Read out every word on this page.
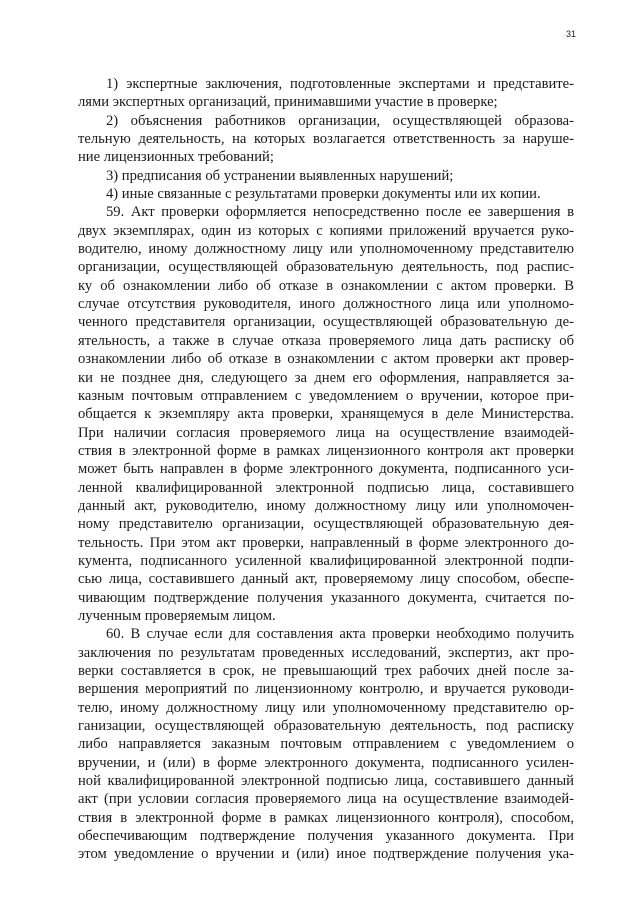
31
1) экспертные заключения, подготовленные экспертами и представите-
лями экспертных организаций, принимавшими участие в проверке;
2) объяснения работников организации, осуществляющей образова-
тельную деятельность, на которых возлагается ответственность за наруше-
ние лицензионных требований;
3) предписания об устранении выявленных нарушений;
4) иные связанные с результатами проверки документы или их копии.
59. Акт проверки оформляется непосредственно после ее завершения в
двух экземплярах, один из которых с копиями приложений вручается руко-
водителю, иному должностному лицу или уполномоченному представителю
организации, осуществляющей образовательную деятельность, под распис-
ку об ознакомлении либо об отказе в ознакомлении с актом проверки. В
случае отсутствия руководителя, иного должностного лица или уполномо-
ченного представителя организации, осуществляющей образовательную де-
ятельность, а также в случае отказа проверяемого лица дать расписку об
ознакомлении либо об отказе в ознакомлении с актом проверки акт провер-
ки не позднее дня, следующего за днем его оформления, направляется за-
казным почтовым отправлением с уведомлением о вручении, которое при-
общается к экземпляру акта проверки, хранящемуся в деле Министерства.
При наличии согласия проверяемого лица на осуществление взаимодей-
ствия в электронной форме в рамках лицензионного контроля акт проверки
может быть направлен в форме электронного документа, подписанного уси-
ленной квалифицированной электронной подписью лица, составившего
данный акт, руководителю, иному должностному лицу или уполномочен-
ному представителю организации, осуществляющей образовательную дея-
тельность. При этом акт проверки, направленный в форме электронного до-
кумента, подписанного усиленной квалифицированной электронной подпи-
сью лица, составившего данный акт, проверяемому лицу способом, обеспе-
чивающим подтверждение получения указанного документа, считается по-
лученным проверяемым лицом.
60. В случае если для составления акта проверки необходимо получить
заключения по результатам проведенных исследований, экспертиз, акт про-
верки составляется в срок, не превышающий трех рабочих дней после за-
вершения мероприятий по лицензионному контролю, и вручается руководи-
телю, иному должностному лицу или уполномоченному представителю ор-
ганизации, осуществляющей образовательную деятельность, под расписку
либо направляется заказным почтовым отправлением с уведомлением о
вручении, и (или) в форме электронного документа, подписанного усилен-
ной квалифицированной электронной подписью лица, составившего данный
акт (при условии согласия проверяемого лица на осуществление взаимодей-
ствия в электронной форме в рамках лицензионного контроля), способом,
обеспечивающим подтверждение получения указанного документа. При
этом уведомление о вручении и (или) иное подтверждение получения ука-
